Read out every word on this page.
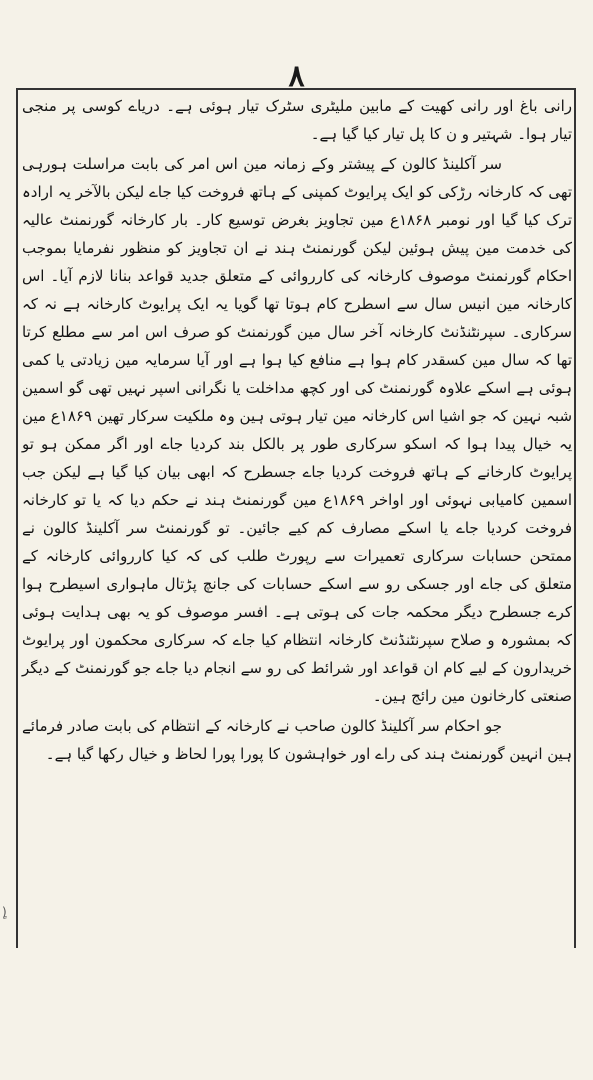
۸

رانی باغ اور رانی کھیت کے مابین ملیٹری سٹرک تیار ہوئی ہے۔ دریاے کوسی پر منجی تیار ہوا۔ شہتیر و ن کا پل تیار کیا گیا ہے۔

سر آکلینڈ کالون کے پیشتر وکے زمانہ مین اس امر کی بابت مراسلت ہورہی تھی کہ کارخانہ رڑکی کو ایک پرایوٹ کمپنی کے ہاتھ فروخت کیا جاے لیکن بالآخر یہ ارادہ ترک کیا گیا اور نومبر ۱۸۶۸ع مین تجاویز بغرض توسیع کار۔ بار کارخانہ گورنمنٹ عالیہ کی خدمت مین پیش ہوئین لیکن گورنمنٹ ہند نے ان تجاویز کو منظور نفرمایا بموجب احکام گورنمنٹ موصوف کارخانہ کی کارروائی کے متعلق جدید قواعد بنانا لازم آیا۔ اس کارخانہ مین انیس سال سے اسطرح کام ہوتا تھا گویا یہ ایک پرایوٹ کارخانہ ہے نہ کہ سرکاری۔ سپرنٹنڈنٹ کارخانہ آخر سال مین گورنمنٹ کو صرف اس امر سے مطلع کرتا تھا کہ سال مین کسقدر کام ہوا ہے منافع کیا ہوا ہے اور آیا سرمایہ مین زیادتی یا کمی ہوئی ہے اسکے علاوہ گورنمنٹ کی اور کچھ مداخلت یا نگرانی اسپر نہیں تھی گو اسمین شبہ نہین کہ جو اشیا اس کارخانہ مین تیار ہوتی ہین وہ ملکیت سرکار تھین ۱۸۶۹ع مین یہ خیال پیدا ہوا کہ اسکو سرکاری طور پر بالکل بند کردیا جاے اور اگر ممکن ہو تو پرایوٹ کارخانے کے ہاتھ فروخت کردیا جاے جسطرح کہ ابھی بیان کیا گیا ہے لیکن جب اسمین کامیابی نہوئی اور اواخر ۱۸۶۹ع مین گورنمنٹ ہند نے حکم دیا کہ یا تو کارخانہ فروخت کردیا جاے یا اسکے مصارف کم کیے جائین۔ تو گورنمنٹ سر آکلینڈ کالون نے ممتحن حسابات سرکاری تعمیرات سے رپورٹ طلب کی کہ کیا کارروائی کارخانہ کے متعلق کی جاے اور جسکی رو سے اسکے حسابات کی جانچ پڑتال ماہواری اسیطرح ہوا کرے جسطرح دیگر محکمہ جات کی ہوتی ہے۔ افسر موصوف کو یہ بھی ہدایت ہوئی کہ بمشورہ و صلاح سپرنٹنڈنٹ کارخانہ انتظام کیا جاے کہ سرکاری محکمون اور پرایوٹ خریدارون کے لیے کام ان قواعد اور شرائط کی رو سے انجام دیا جاے جو گورنمنٹ کے دیگر صنعتی کارخانون مین رائج ہین۔

جو احکام سر آکلینڈ کالون صاحب نے کارخانہ کے انتظام کی بابت صادر فرمائے ہین انہین گورنمنٹ ہند کی راے اور خواہشون کا پورا پورا لحاظ و خیال رکھا گیا ہے۔

ٍ)
